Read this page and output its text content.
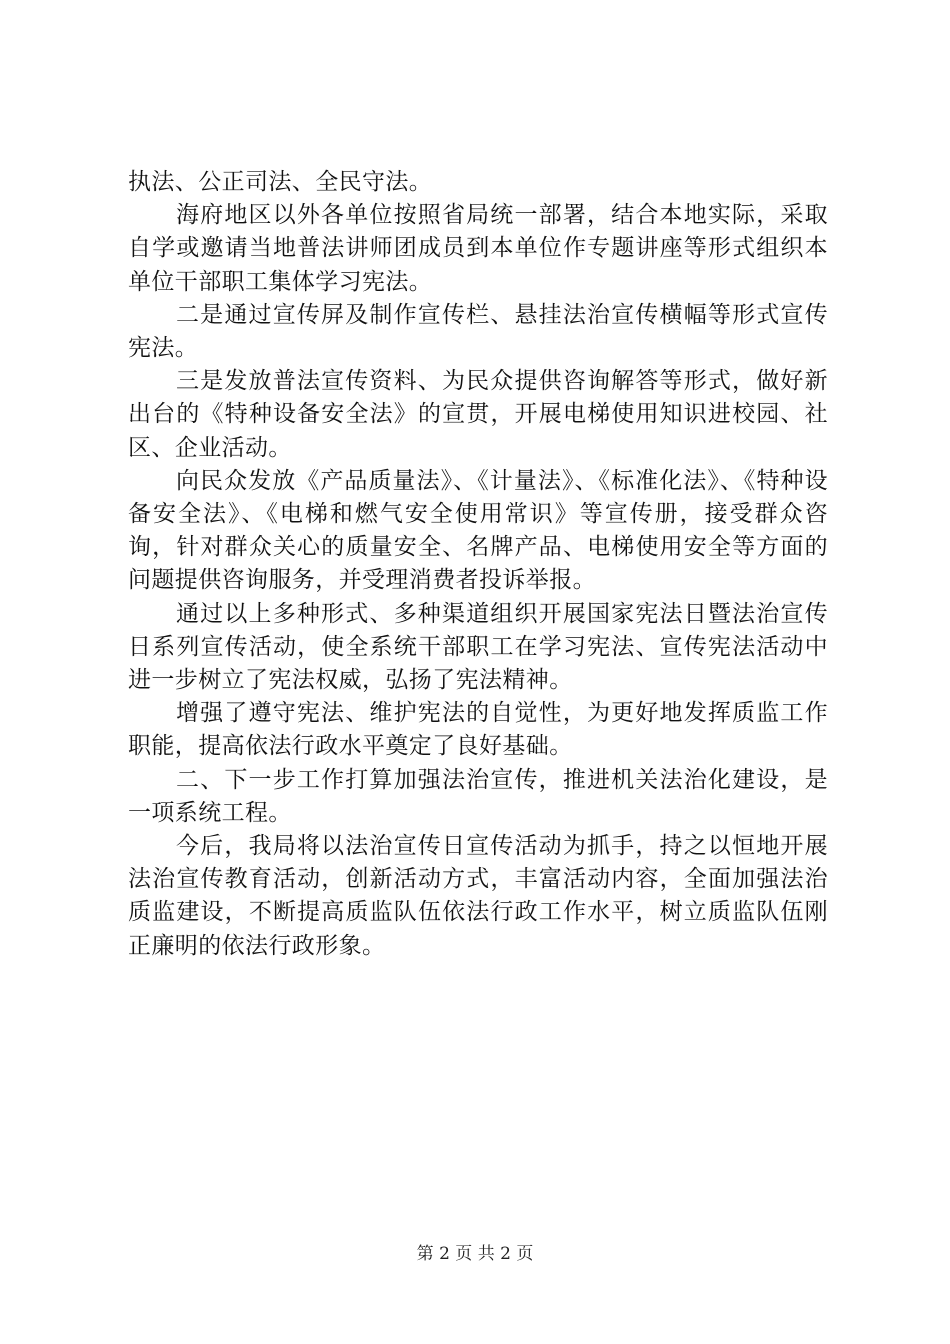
执法、公正司法、全民守法。

海府地区以外各单位按照省局统一部署，结合本地实际，采取自学或邀请当地普法讲师团成员到本单位作专题讲座等形式组织本单位干部职工集体学习宪法。

二是通过宣传屏及制作宣传栏、悬挂法治宣传横幅等形式宣传宪法。

三是发放普法宣传资料、为民众提供咨询解答等形式，做好新出台的《特种设备安全法》的宣贯，开展电梯使用知识进校园、社区、企业活动。

向民众发放《产品质量法》、《计量法》、《标准化法》、《特种设备安全法》、《电梯和燃气安全使用常识》等宣传册，接受群众咨询，针对群众关心的质量安全、名牌产品、电梯使用安全等方面的问题提供咨询服务，并受理消费者投诉举报。

通过以上多种形式、多种渠道组织开展国家宪法日暨法治宣传日系列宣传活动，使全系统干部职工在学习宪法、宣传宪法活动中进一步树立了宪法权威，弘扬了宪法精神。

增强了遵守宪法、维护宪法的自觉性，为更好地发挥质监工作职能，提高依法行政水平奠定了良好基础。

二、下一步工作打算加强法治宣传，推进机关法治化建设，是一项系统工程。

今后，我局将以法治宣传日宣传活动为抓手，持之以恒地开展法治宣传教育活动，创新活动方式，丰富活动内容，全面加强法治质监建设，不断提高质监队伍依法行政工作水平，树立质监队伍刚正廉明的依法行政形象。

第 2 页 共 2 页
